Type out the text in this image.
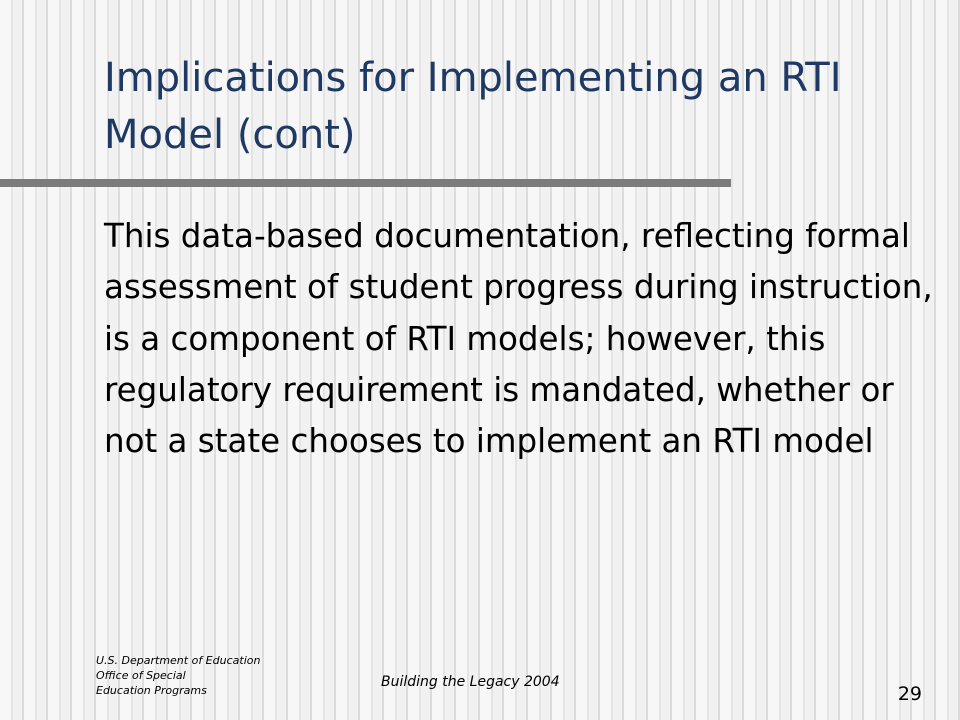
Implications for Implementing an RTI Model (cont)

This data-based documentation, reflecting formal assessment of student progress during instruction, is a component of RTI models; however, this regulatory requirement is mandated, whether or not a state chooses to implement an RTI model

U.S. Department of Education
Office of Special
Education Programs
Building the Legacy 2004
29
